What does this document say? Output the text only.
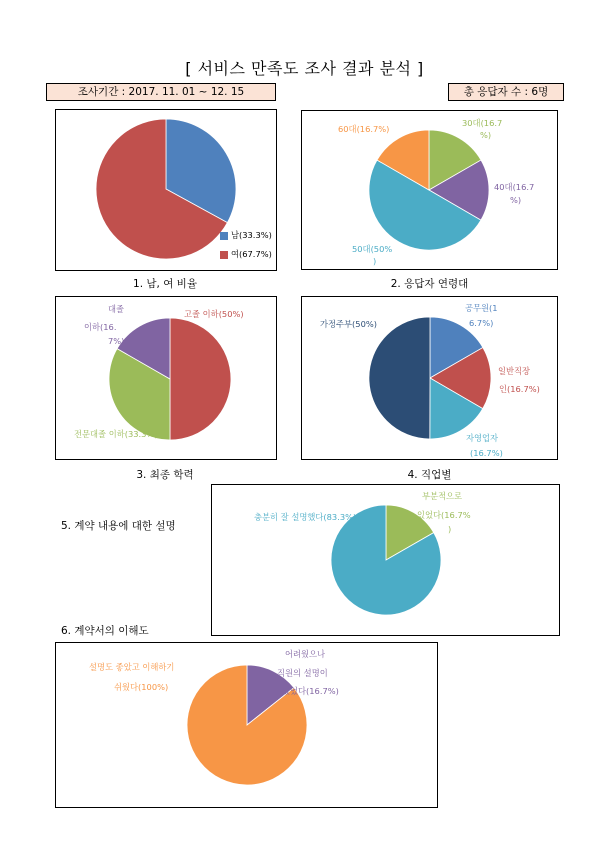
[ 서비스 만족도 조사 결과 분석 ]
조사기간 : 2017. 11. 01 ~ 12. 15	총 응답자 수 : 6명
남(33.3%)
여(67.7%)
1. 남, 여 비율
30대(16.7
%)
40대(16.7
%)
50대(50%
)
60대(16.7%)
2. 응답자 연령대
고졸 이하(50%)
전문대졸 이하(33.3%)
대졸
이하(16.
7%)
3. 최종 학력
공무원(1
6.7%)
일반직장
인(16.7%)
자영업자
(16.7%)
가정주부(50%)
4. 직업별
5. 계약 내용에 대한 설명
부분적으로
있었다(16.7%
)
충분히 잘 설명했다(83.3%)
6. 계약서의 이해도
어려웠으나
직원의 설명이
있었다(16.7%)
설명도 좋았고 이해하기
쉬웠다(100%)
